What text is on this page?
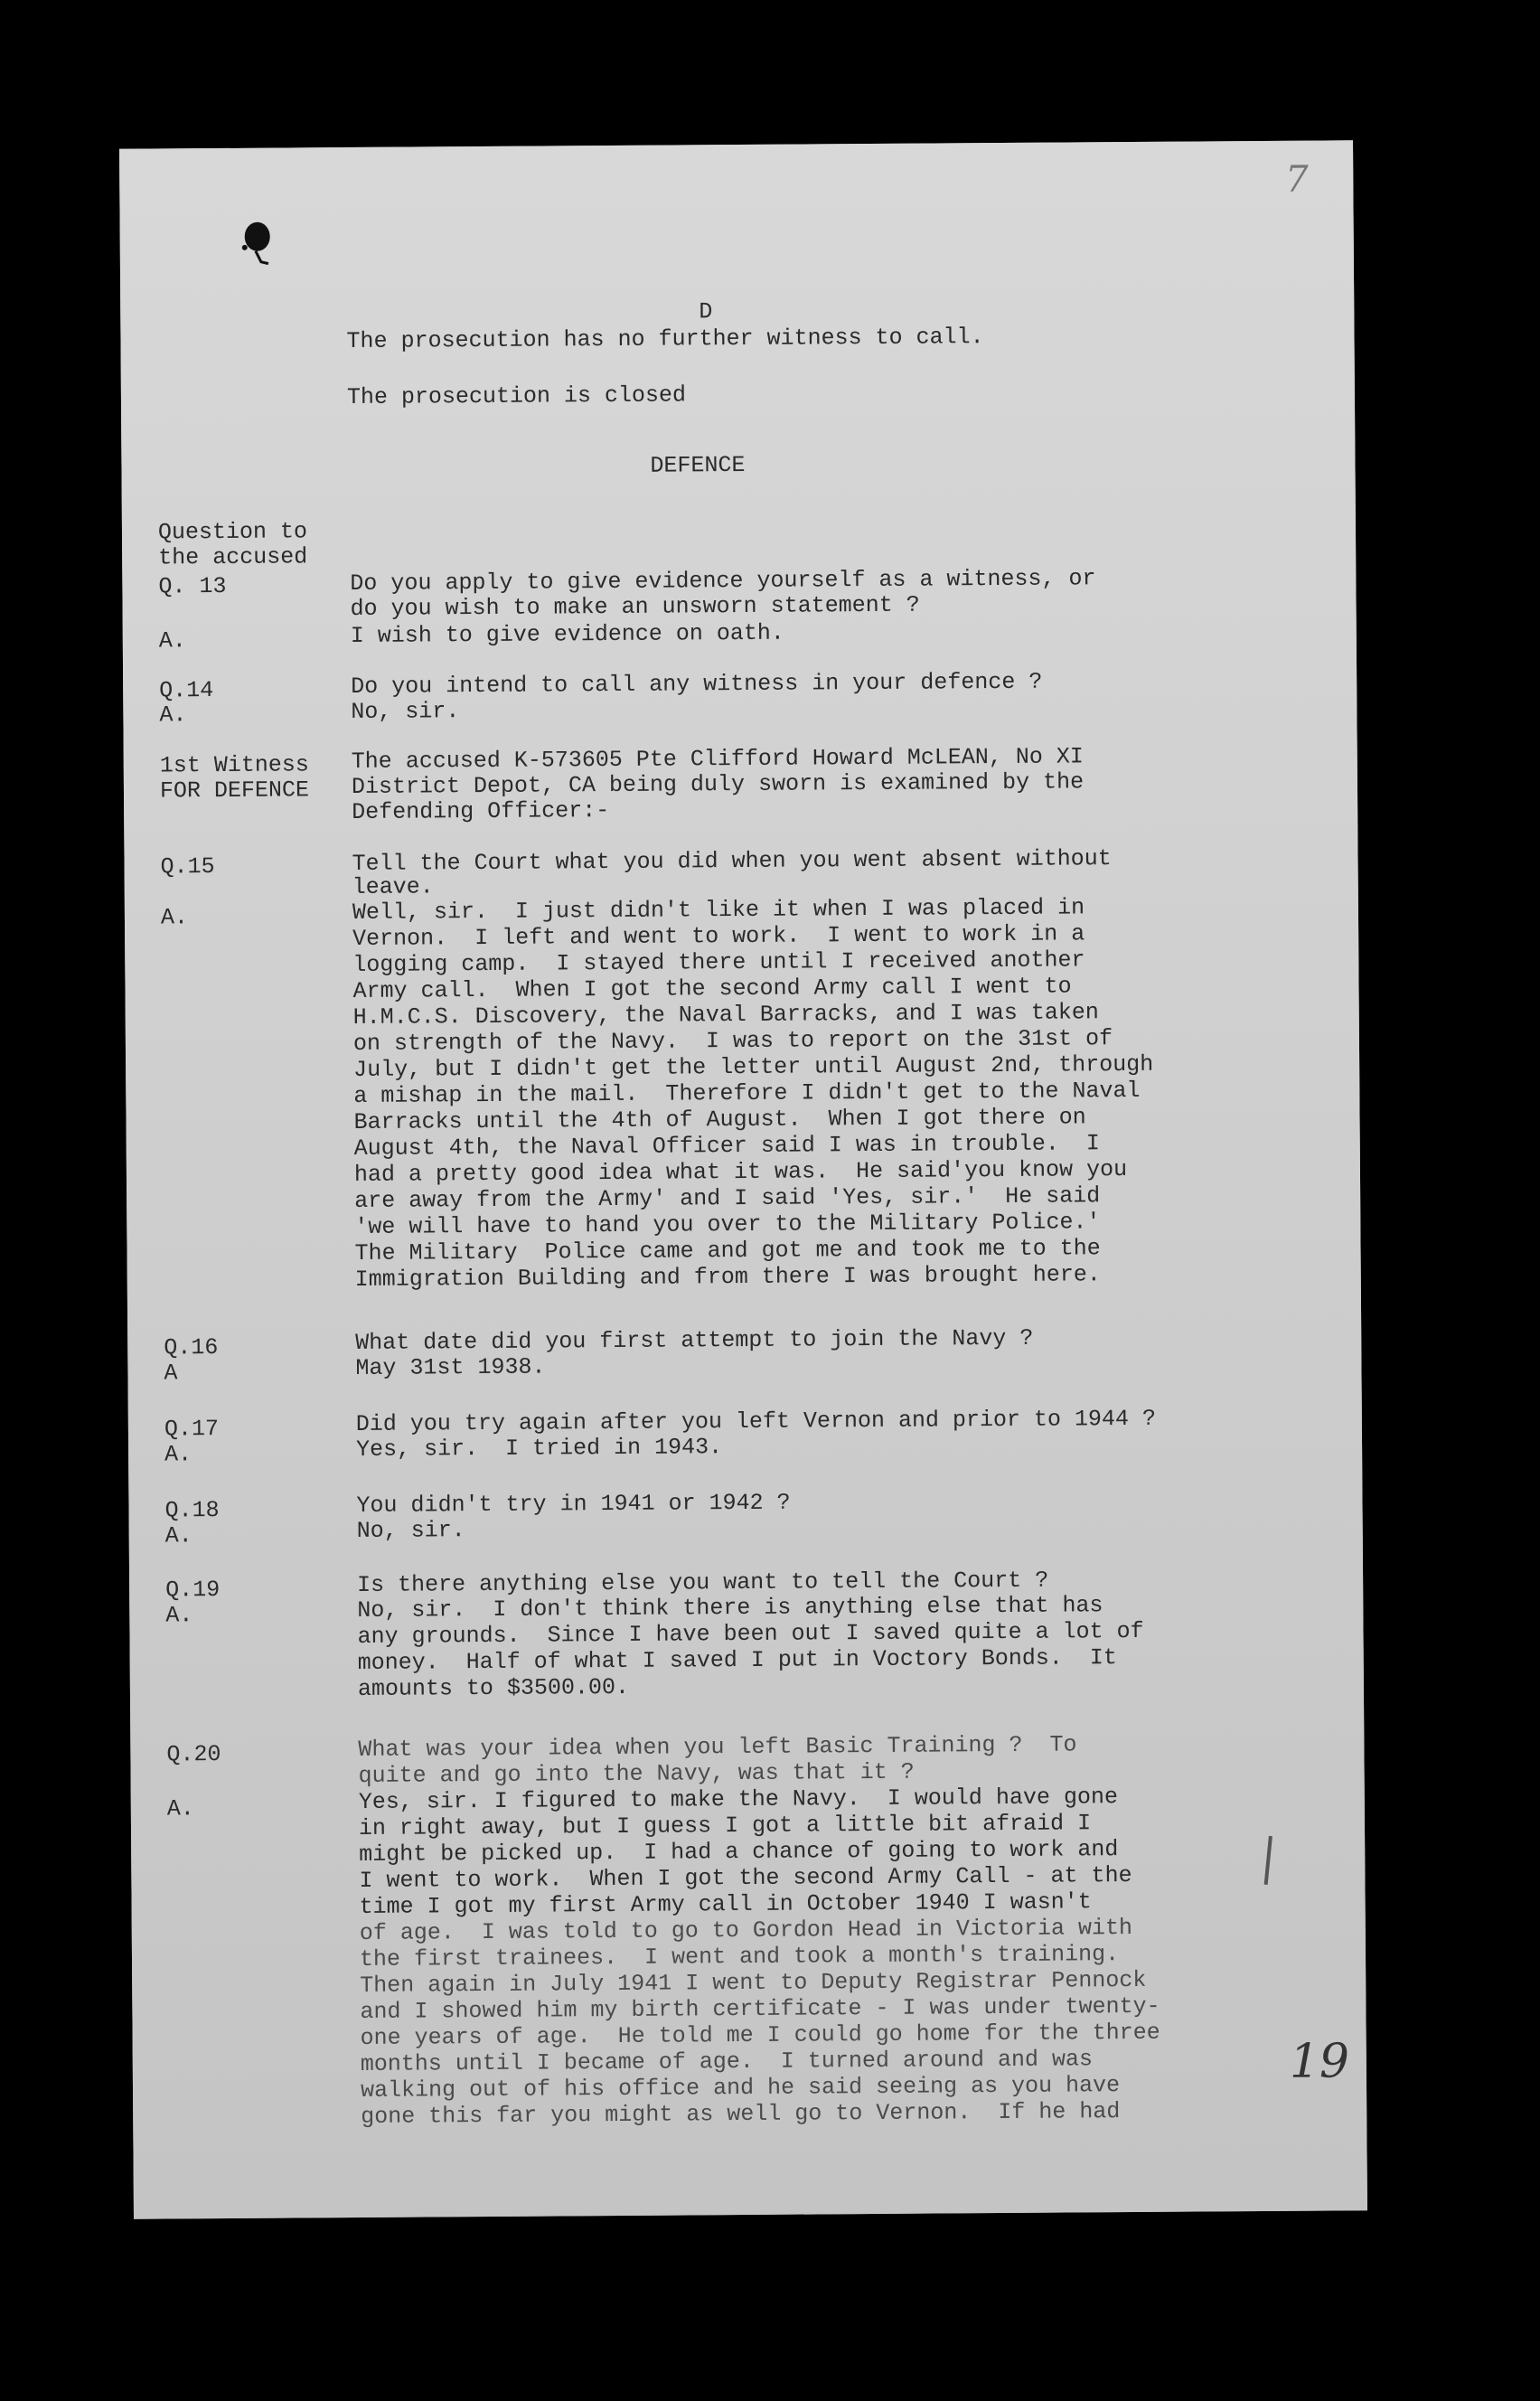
7
D
The prosecution has no further witness to call.
The prosecution is closed
DEFENCE
Question to
the accused
Q. 13	Do you apply to give evidence yourself as a witness, or
do you wish to make an unsworn statement ?
A.	I wish to give evidence on oath.
Q.14	Do you intend to call any witness in your defence ?
A.	No, sir.
1st Witness
FOR DEFENCE
The accused K-573605 Pte Clifford Howard McLEAN, No XI
District Depot, CA being duly sworn is examined by the
Defending Officer:-
Q.15	Tell the Court what you did when you went absent without
leave.
A.	Well, sir.  I just didn't like it when I was placed in
Vernon.  I left and went to work.  I went to work in a
logging camp.  I stayed there until I received another
Army call.  When I got the second Army call I went to
H.M.C.S. Discovery, the Naval Barracks, and I was taken
on strength of the Navy.  I was to report on the 31st of
July, but I didn't get the letter until August 2nd, through
a mishap in the mail.  Therefore I didn't get to the Naval
Barracks until the 4th of August.  When I got there on
August 4th, the Naval Officer said I was in trouble.  I
had a pretty good idea what it was.  He said'you know you
are away from the Army' and I said 'Yes, sir.'  He said
'we will have to hand you over to the Military Police.'
The Military  Police came and got me and took me to the
Immigration Building and from there I was brought here.
Q.16	What date did you first attempt to join the Navy ?
A	May 31st 1938.
Q.17	Did you try again after you left Vernon and prior to 1944 ?
A.	Yes, sir.  I tried in 1943.
Q.18	You didn't try in 1941 or 1942 ?
A.	No, sir.
Q.19	Is there anything else you want to tell the Court ?
A.	No, sir.  I don't think there is anything else that has
any grounds.  Since I have been out I saved quite a lot of
money.  Half of what I saved I put in Voctory Bonds.  It
amounts to $3500.00.
Q.20	What was your idea when you left Basic Training ?  To
quite and go into the Navy, was that it ?
A.	Yes, sir. I figured to make the Navy.  I would have gone
in right away, but I guess I got a little bit afraid I
might be picked up.  I had a chance of going to work and
I went to work.  When I got the second Army Call - at the
time I got my first Army call in October 1940 I wasn't
of age.  I was told to go to Gordon Head in Victoria with
the first trainees.  I went and took a month's training.
Then again in July 1941 I went to Deputy Registrar Pennock
and I showed him my birth certificate - I was under twenty-
one years of age.  He told me I could go home for the three
months until I became of age.  I turned around and was
walking out of his office and he said seeing as you have
gone this far you might as well go to Vernon.  If he had
19
